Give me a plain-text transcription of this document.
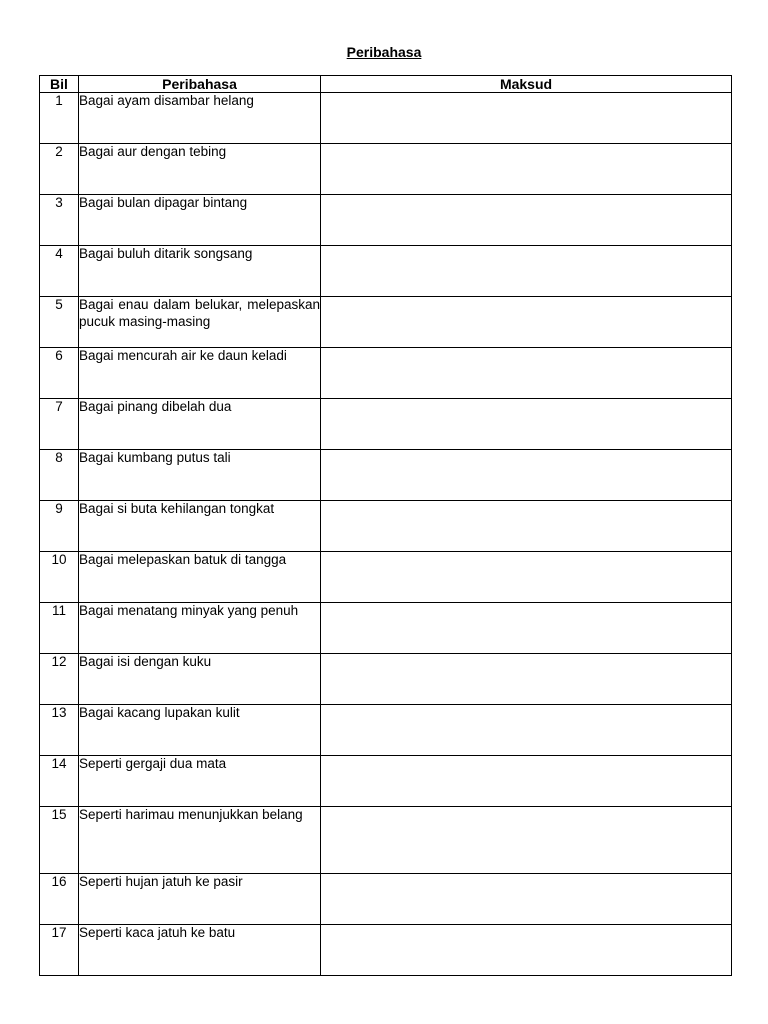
Peribahasa
Bil	Peribahasa	Maksud
1	Bagai ayam disambar helang	
2	Bagai aur dengan tebing	
3	Bagai bulan dipagar bintang	
4	Bagai buluh ditarik songsang	
5	Bagai enau dalam belukar, melepaskan pucuk masing-masing	
6	Bagai mencurah air ke daun keladi	
7	Bagai pinang dibelah dua	
8	Bagai kumbang putus tali	
9	Bagai si buta kehilangan tongkat	
10	Bagai melepaskan batuk di tangga	
11	Bagai menatang minyak yang penuh	
12	Bagai isi dengan kuku	
13	Bagai kacang lupakan kulit	
14	Seperti gergaji dua mata	
15	Seperti harimau menunjukkan belang	
16	Seperti hujan jatuh ke pasir	
17	Seperti kaca jatuh ke batu	
